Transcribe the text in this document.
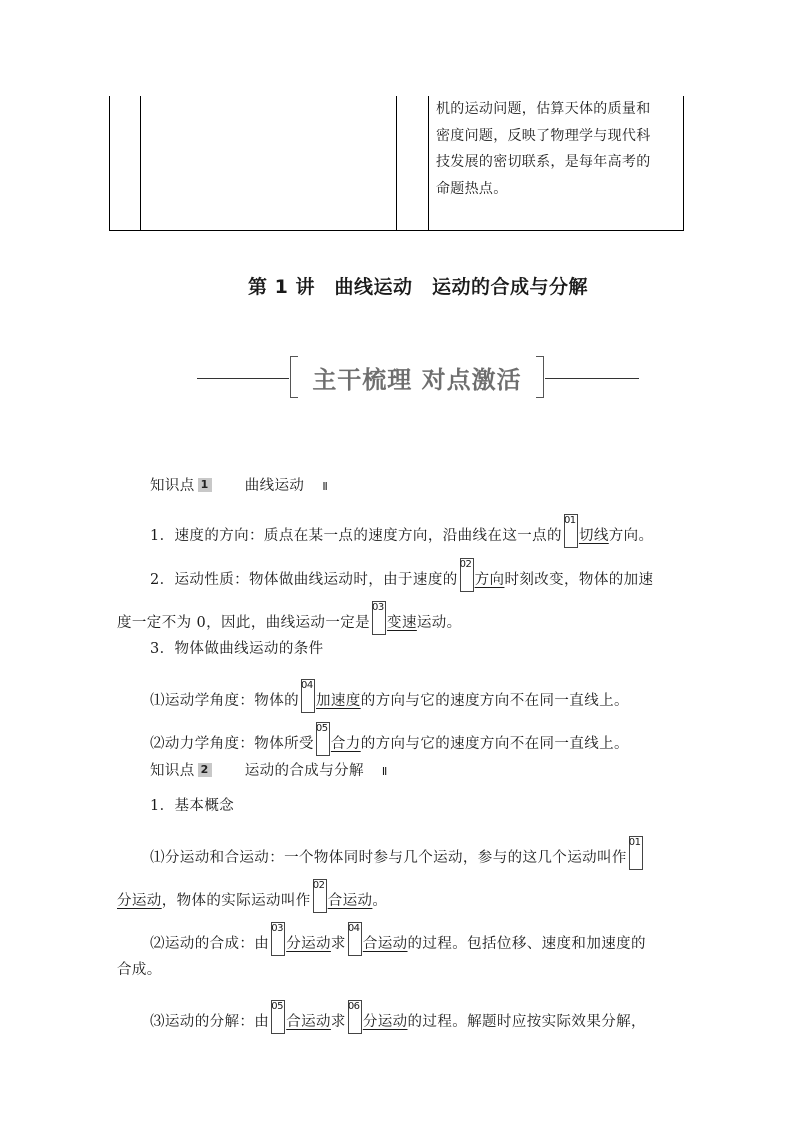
机的运动问题，估算天体的质量和
密度问题，反映了物理学与现代科
技发展的密切联系，是每年高考的
命题热点。
第 1 讲　曲线运动　运动的合成与分解
主干梳理 对点激活
知识点 1 曲线运动 Ⅱ
1．速度的方向：质点在某一点的速度方向，沿曲线在这一点的
01
切线方向。
2．运动性质：物体做曲线运动时，由于速度的
02
方向时刻改变，物体的加速
度一定不为 0，因此，曲线运动一定是
03
变速运动。
3．物体做曲线运动的条件
⑴运动学角度：物体的
04
加速度的方向与它的速度方向不在同一直线上。
⑵动力学角度：物体所受
05
合力的方向与它的速度方向不在同一直线上。
知识点 2 运动的合成与分解 Ⅱ
1．基本概念
⑴分运动和合运动：一个物体同时参与几个运动，参与的这几个运动叫作
01
分运动，物体的实际运动叫作
02
合运动。
⑵运动的合成：由
03
分运动求
04
合运动的过程。包括位移、速度和加速度的
合成。
⑶运动的分解：由
05
合运动求
06
分运动的过程。解题时应按实际效果分解，
